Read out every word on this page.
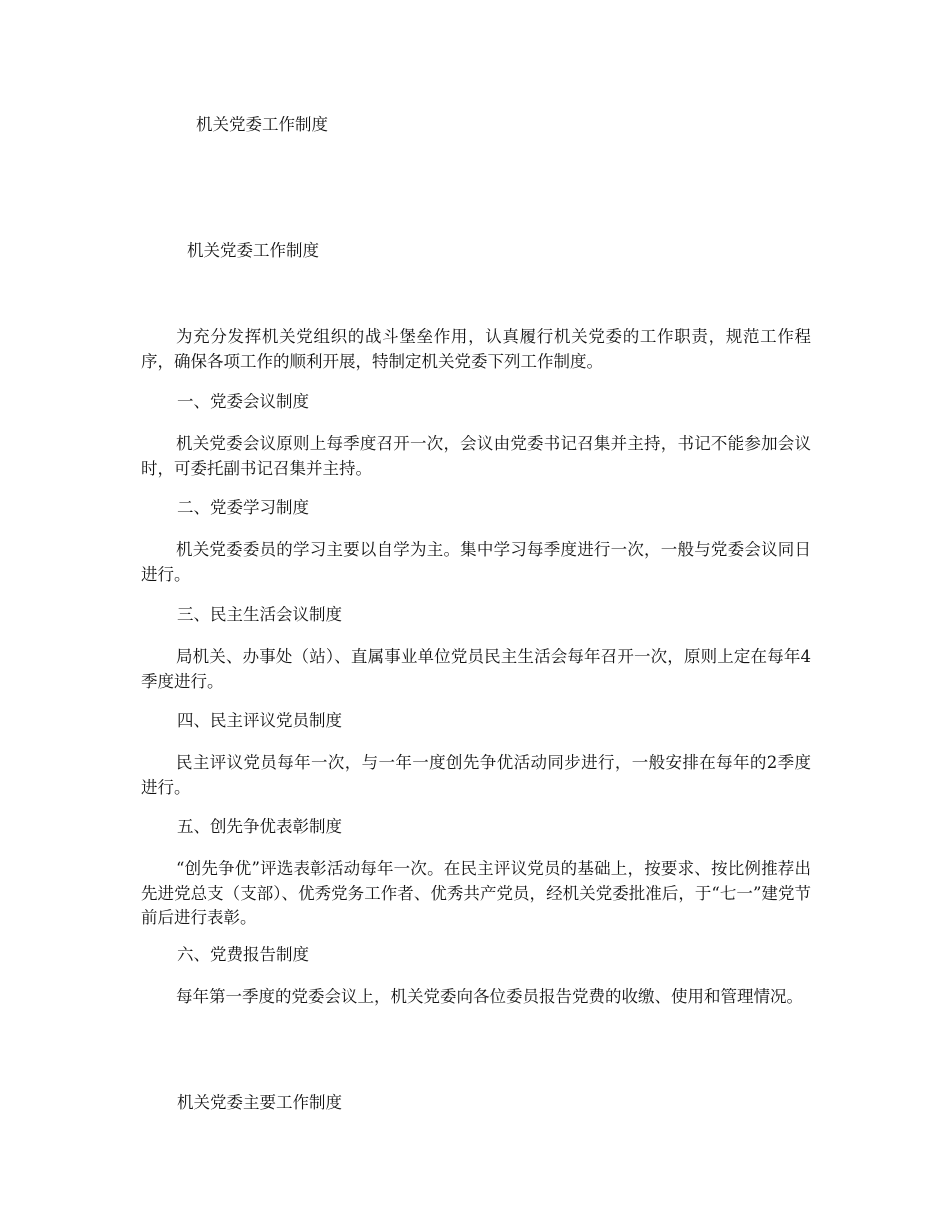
机关党委工作制度
机关党委工作制度

为充分发挥机关党组织的战斗堡垒作用，认真履行机关党委的工作职责，规范工作程序，确保各项工作的顺利开展，特制定机关党委下列工作制度。

一、党委会议制度

机关党委会议原则上每季度召开一次，会议由党委书记召集并主持，书记不能参加会议时，可委托副书记召集并主持。

二、党委学习制度

机关党委委员的学习主要以自学为主。集中学习每季度进行一次，一般与党委会议同日进行。

三、民主生活会议制度

局机关、办事处（站）、直属事业单位党员民主生活会每年召开一次，原则上定在每年4季度进行。

四、民主评议党员制度

民主评议党员每年一次，与一年一度创先争优活动同步进行，一般安排在每年的2季度进行。

五、创先争优表彰制度

“创先争优”评选表彰活动每年一次。在民主评议党员的基础上，按要求、按比例推荐出先进党总支（支部）、优秀党务工作者、优秀共产党员，经机关党委批准后，于“七一”建党节前后进行表彰。

六、党费报告制度

每年第一季度的党委会议上，机关党委向各位委员报告党费的收缴、使用和管理情况。

机关党委主要工作制度
